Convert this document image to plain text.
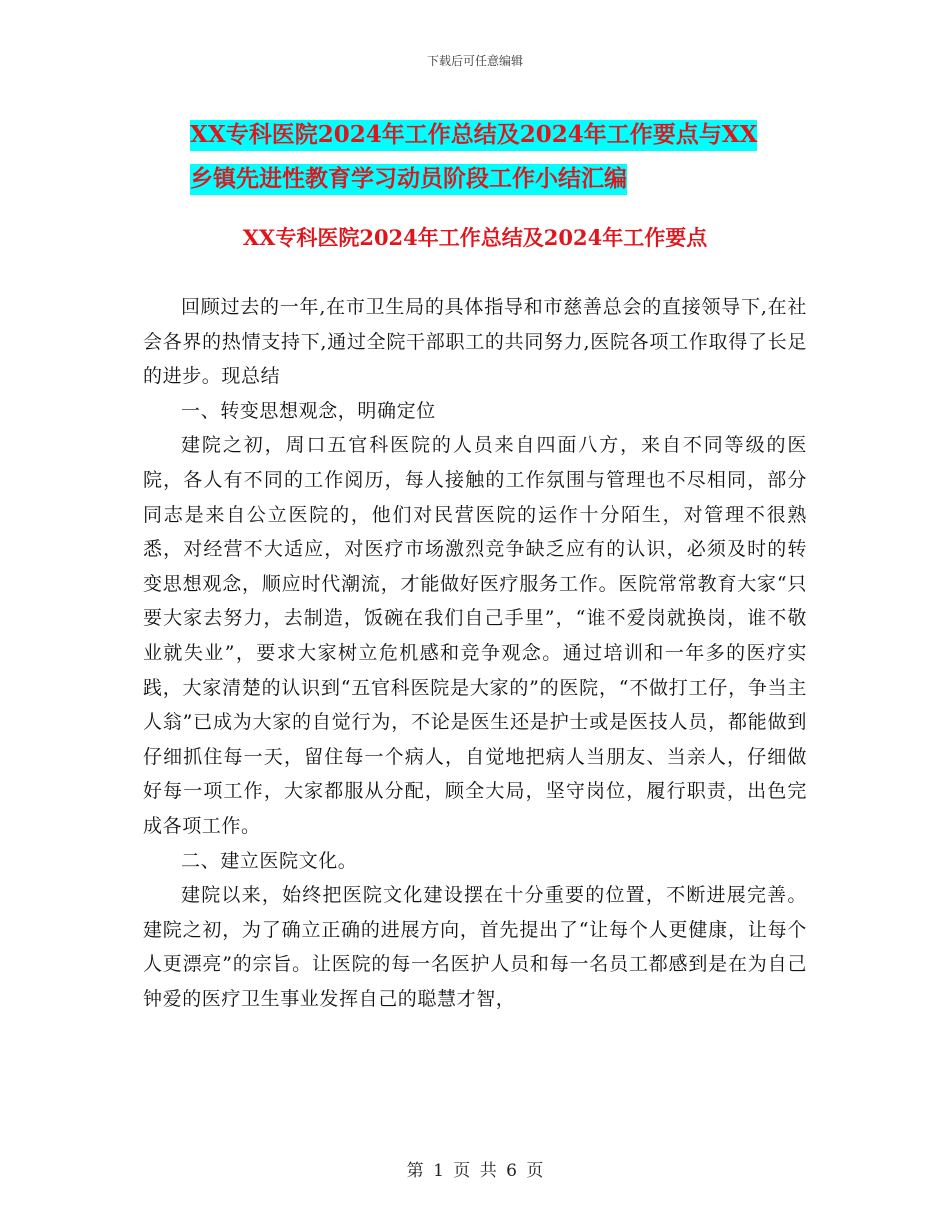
下载后可任意编辑
XX专科医院2024年工作总结及2024年工作要点与XX
乡镇先进性教育学习动员阶段工作小结汇编
XX专科医院2024年工作总结及2024年工作要点

回顾过去的一年,在市卫生局的具体指导和市慈善总会的直接领导下,在社会各界的热情支持下,通过全院干部职工的共同努力,医院各项工作取得了长足的进步。现总结

一、转变思想观念，明确定位

建院之初，周口五官科医院的人员来自四面八方，来自不同等级的医院，各人有不同的工作阅历，每人接触的工作氛围与管理也不尽相同，部分同志是来自公立医院的，他们对民营医院的运作十分陌生，对管理不很熟悉，对经营不大适应，对医疗市场激烈竞争缺乏应有的认识，必须及时的转变思想观念，顺应时代潮流，才能做好医疗服务工作。医院常常教育大家“只要大家去努力，去制造，饭碗在我们自己手里”，“谁不爱岗就换岗，谁不敬业就失业”，要求大家树立危机感和竞争观念。通过培训和一年多的医疗实践，大家清楚的认识到“五官科医院是大家的”的医院，“不做打工仔，争当主人翁”已成为大家的自觉行为，不论是医生还是护士或是医技人员，都能做到仔细抓住每一天，留住每一个病人，自觉地把病人当朋友、当亲人，仔细做好每一项工作，大家都服从分配，顾全大局，坚守岗位，履行职责，出色完成各项工作。

二、建立医院文化。

建院以来，始终把医院文化建设摆在十分重要的位置，不断进展完善。建院之初，为了确立正确的进展方向，首先提出了“让每个人更健康，让每个人更漂亮”的宗旨。让医院的每一名医护人员和每一名员工都感到是在为自己钟爱的医疗卫生事业发挥自己的聪慧才智，

第 1 页 共 6 页
